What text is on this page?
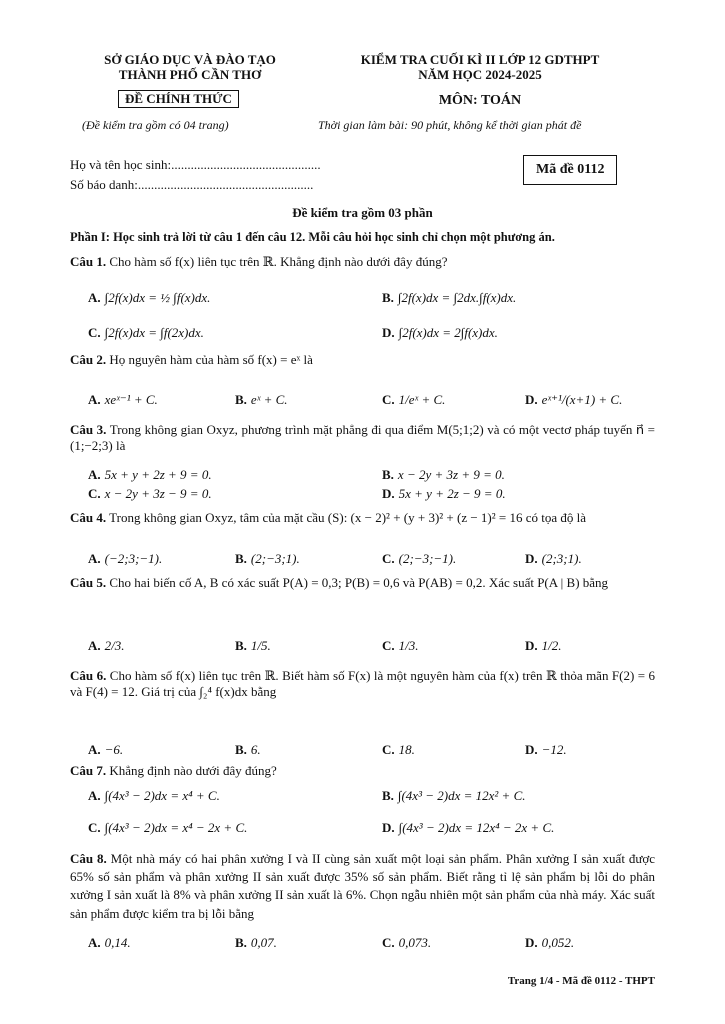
SỞ GIÁO DỤC VÀ ĐÀO TẠO
THÀNH PHỐ CẦN THƠ
ĐỀ CHÍNH THỨC
(Đề kiểm tra gồm có 04 trang)
KIỂM TRA CUỐI KÌ II LỚP 12 GDTHPT
NĂM HỌC 2024-2025
MÔN: TOÁN
Thời gian làm bài: 90 phút, không kể thời gian phát đề
Họ và tên học sinh:..............................................
Số báo danh:......................................................
Mã đề 0112
Đề kiểm tra gồm 03 phần
Phần I: Học sinh trả lời từ câu 1 đến câu 12. Mỗi câu hỏi học sinh chỉ chọn một phương án.
Câu 1. Cho hàm số f(x) liên tục trên ℝ. Khẳng định nào dưới đây đúng?
A. ∫2f(x)dx = ½ ∫f(x)dx.	B. ∫2f(x)dx = ∫2dx.∫f(x)dx.
C. ∫2f(x)dx = ∫f(2x)dx.	D. ∫2f(x)dx = 2∫f(x)dx.
Câu 2. Họ nguyên hàm của hàm số f(x) = eˣ là
A. xeˣ⁻¹ + C.	B. eˣ + C.	C. 1/eˣ + C.	D. eˣ⁺¹/(x+1) + C.
Câu 3. Trong không gian Oxyz, phương trình mặt phẳng đi qua điểm M(5;1;2) và có một vectơ pháp tuyến n⃗ = (1;−2;3) là
A. 5x + y + 2z + 9 = 0.	B. x − 2y + 3z + 9 = 0.
C. x − 2y + 3z − 9 = 0.	D. 5x + y + 2z − 9 = 0.
Câu 4. Trong không gian Oxyz, tâm của mặt cầu (S): (x − 2)² + (y + 3)² + (z − 1)² = 16 có tọa độ là
A. (−2;3;−1).	B. (2;−3;1).	C. (2;−3;−1).	D. (2;3;1).
Câu 5. Cho hai biến cố A, B có xác suất P(A) = 0,3; P(B) = 0,6 và P(AB) = 0,2. Xác suất P(A | B) bằng
A. 2/3.	B. 1/5.	C. 1/3.	D. 1/2.
Câu 6. Cho hàm số f(x) liên tục trên ℝ. Biết hàm số F(x) là một nguyên hàm của f(x) trên ℝ thỏa mãn F(2) = 6 và F(4) = 12. Giá trị của ∫₂⁴ f(x)dx bằng
A. −6.	B. 6.	C. 18.	D. −12.
Câu 7. Khẳng định nào dưới đây đúng?
A. ∫(4x³ − 2)dx = x⁴ + C.	B. ∫(4x³ − 2)dx = 12x² + C.
C. ∫(4x³ − 2)dx = x⁴ − 2x + C.	D. ∫(4x³ − 2)dx = 12x⁴ − 2x + C.
Câu 8. Một nhà máy có hai phân xưởng I và II cùng sản xuất một loại sản phẩm. Phân xưởng I sản xuất được 65% số sản phẩm và phân xưởng II sản xuất được 35% số sản phẩm. Biết rằng tỉ lệ sản phẩm bị lỗi do phân xưởng I sản xuất là 8% và phân xưởng II sản xuất là 6%. Chọn ngẫu nhiên một sản phẩm của nhà máy. Xác suất sản phẩm được kiểm tra bị lỗi bằng
A. 0,14.	B. 0,07.	C. 0,073.	D. 0,052.
Trang 1/4 - Mã đề 0112 - THPT
